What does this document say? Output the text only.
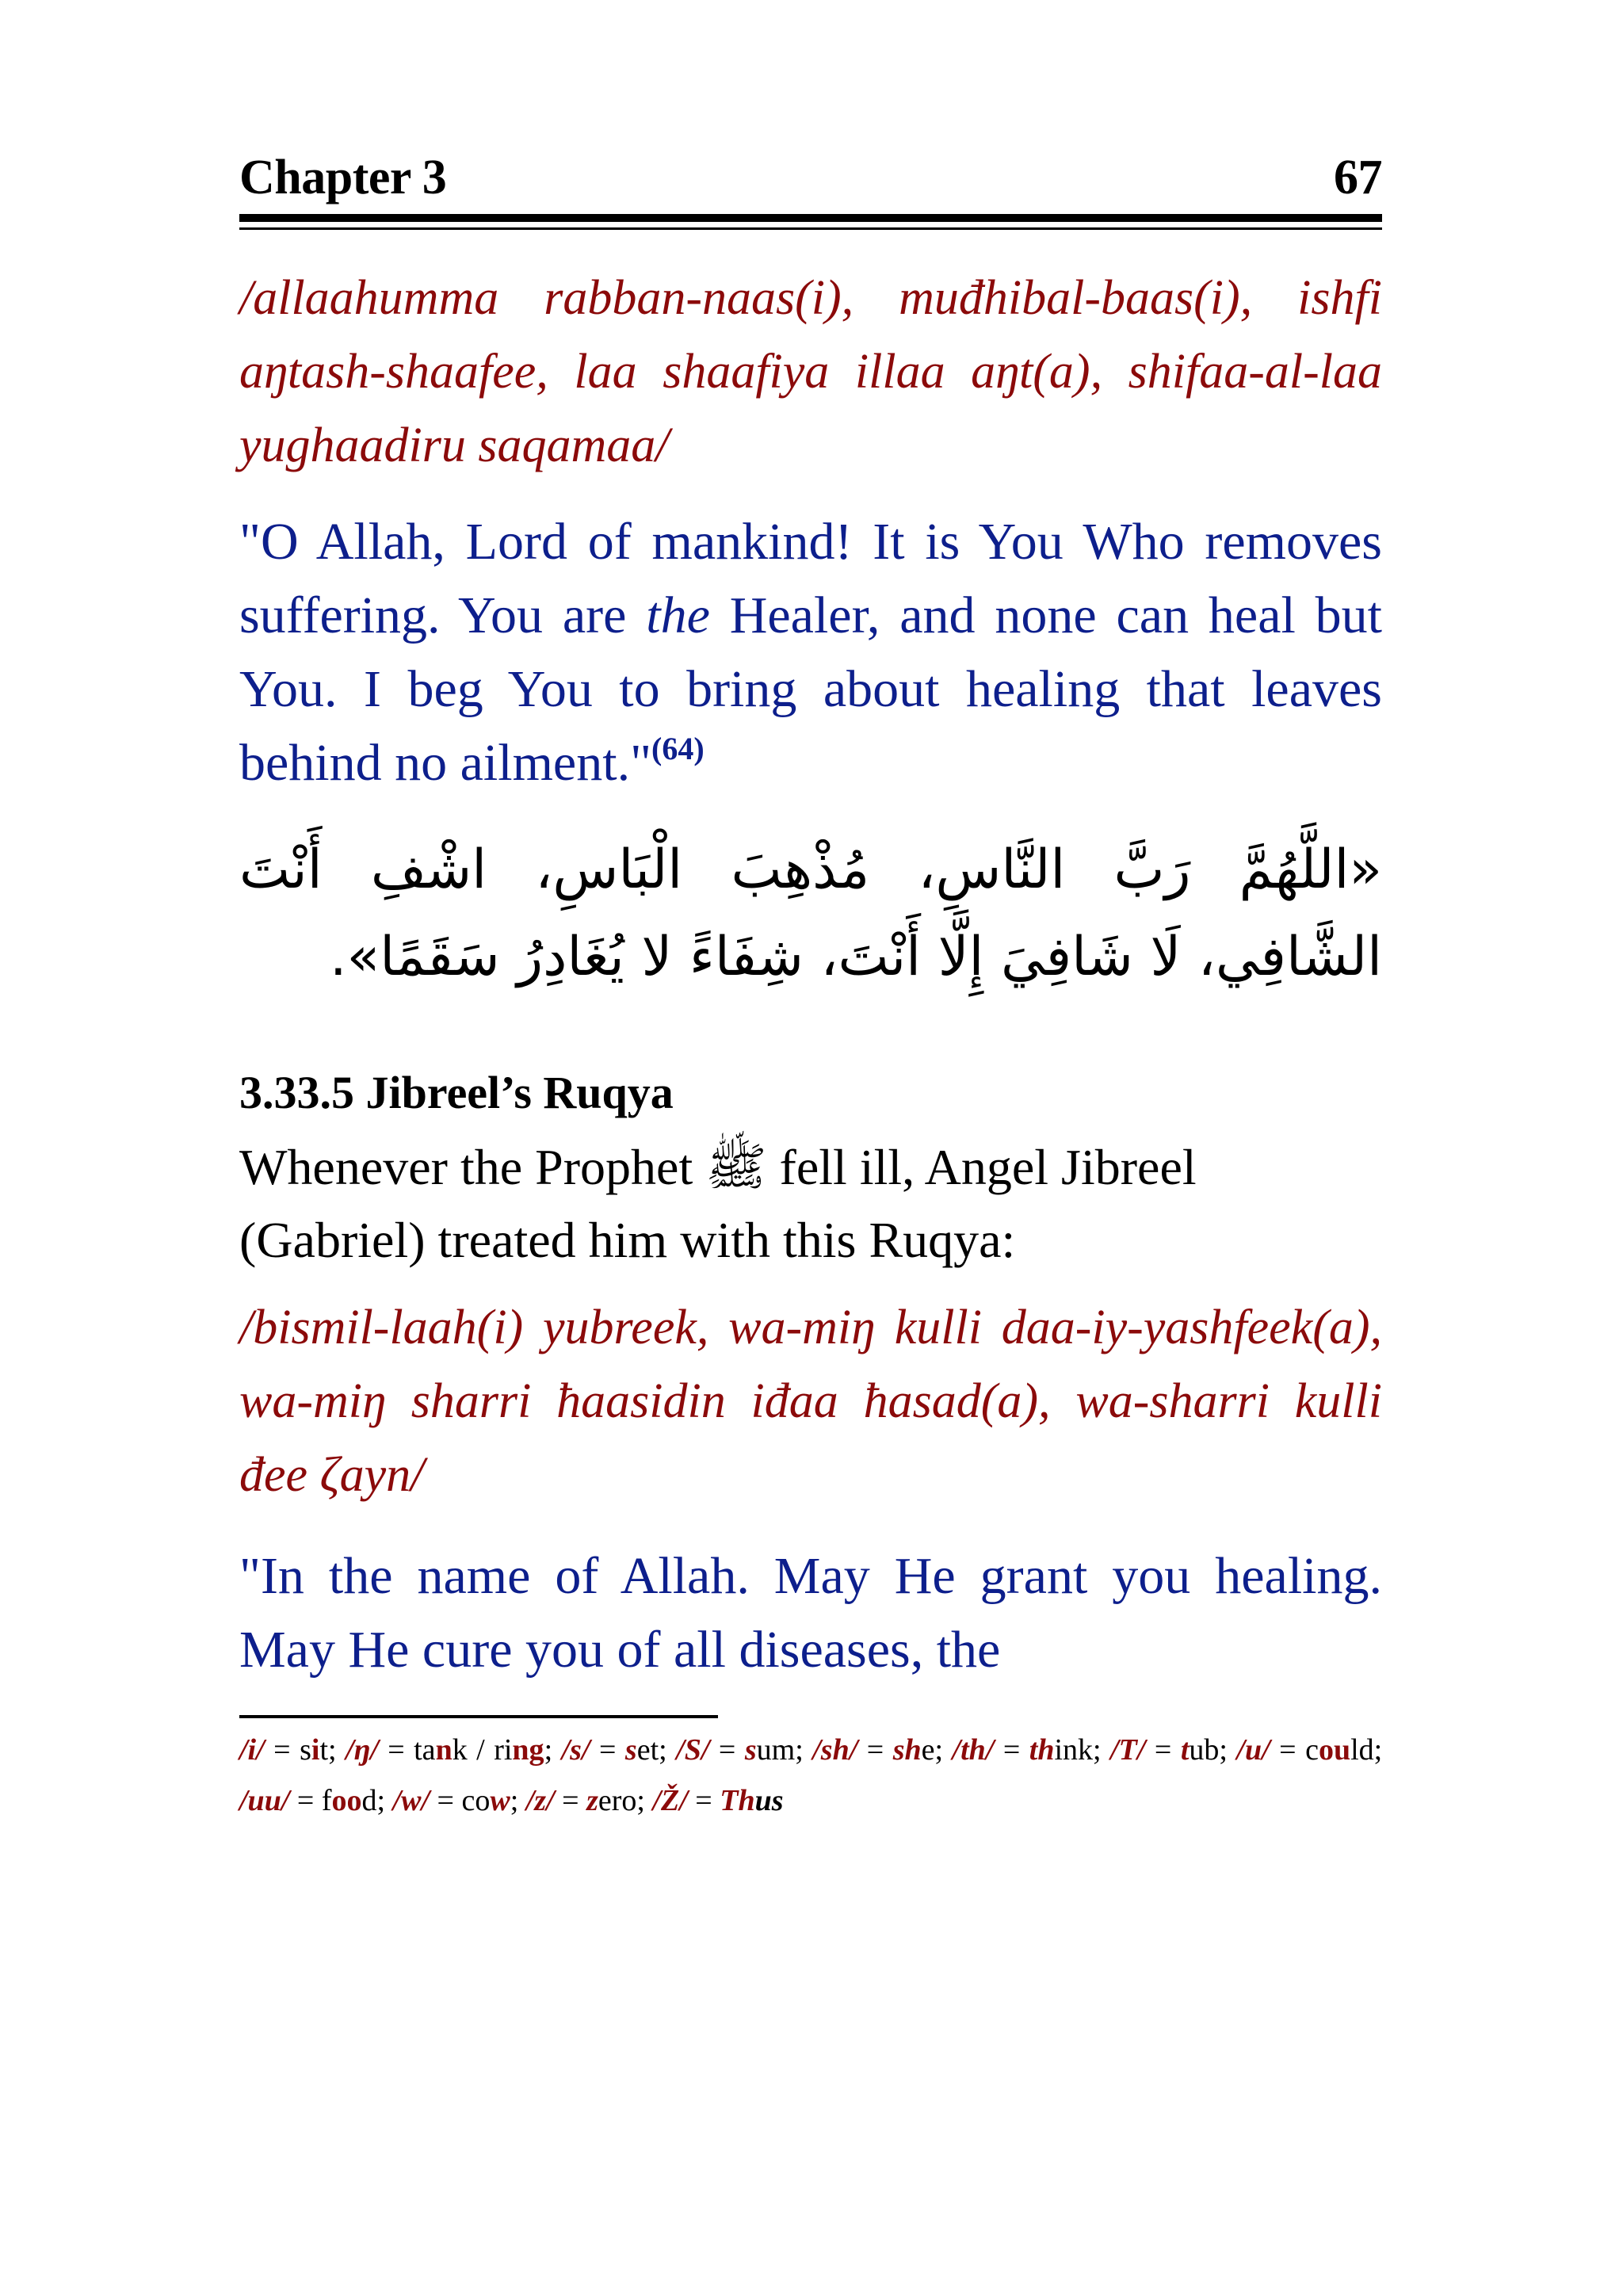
Chapter 3	67

/allaahumma rabban-naas(i), muđhibal-baas(i), ishfi aŋtash-shaafee, laa shaafiya illaa aŋt(a), shifaa-al-laa yughaadiru saqamaa/

"O Allah, Lord of mankind! It is You Who removes suffering. You are the Healer, and none can heal but You. I beg You to bring about healing that leaves behind no ailment."$^{(64)}$

«اللَّهُمَّ رَبَّ النَّاسِ، مُذْهِبَ الْبَاسِ، اشْفِ أَنْتَ الشَّافِي، لَا شَافِيَ إِلَّا أَنْتَ، شِفَاءً لا يُغَادِرُ سَقَمًا».

3.33.5 Jibreel’s Ruqya

Whenever the Prophet ﷺ fell ill, Angel Jibreel (Gabriel) treated him with this Ruqya:

/bismil-laah(i) yubreek, wa-miŋ kulli daa-iy-yashfeek(a), wa-miŋ sharri ħaasidin iđaa ħasad(a), wa-sharri kulli đee ζayn/

"In the name of Allah. May He grant you healing. May He cure you of all diseases, the

/i/ = sit; /ŋ/ = tank / ring; /s/ = set; /S/ = sum; /sh/ = she; /th/ = think; /T/ = tub; /u/ = could; /uu/ = food; /w/ = cow; /z/ = zero; /Ž/ = Thus
